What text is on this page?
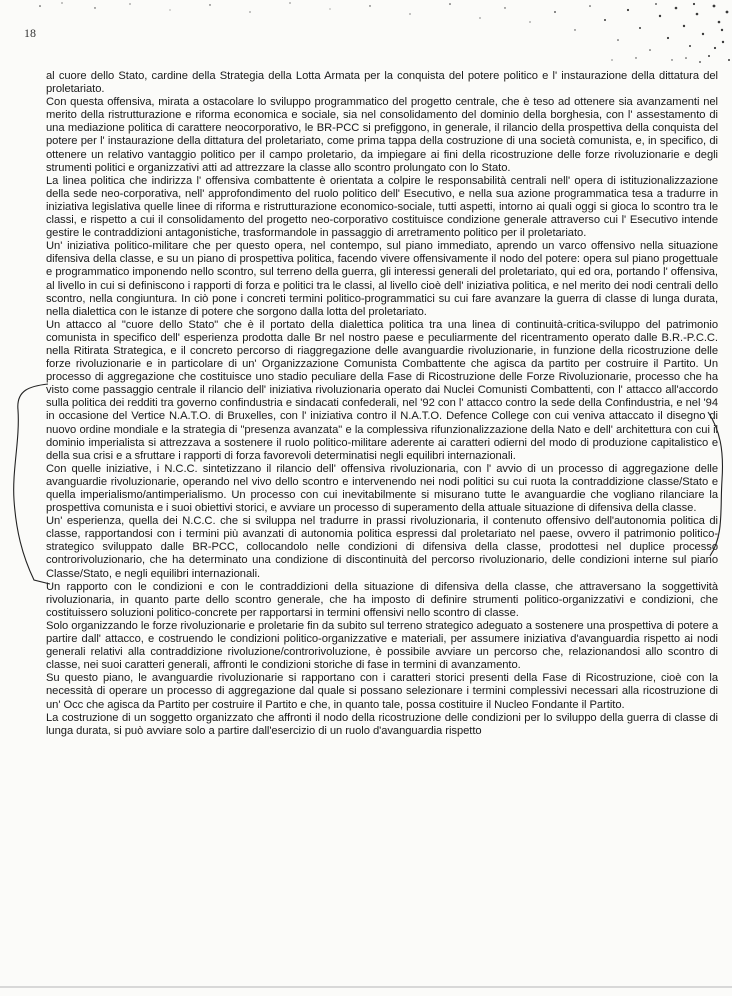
18

al cuore dello Stato, cardine della Strategia della Lotta Armata per la conquista del potere politico e l' instaurazione della dittatura del proletariato.

Con questa offensiva, mirata a ostacolare lo sviluppo programmatico del progetto centrale, che è teso ad ottenere sia avanzamenti nel merito della ristrutturazione e riforma economica e sociale, sia nel consolidamento del dominio della borghesia, con l' assestamento di una mediazione politica di carattere neocorporativo, le BR-PCC si prefiggono, in generale, il rilancio della prospettiva della conquista del potere per l' instaurazione della dittatura del proletariato, come prima tappa della costruzione di una società comunista, e, in specifico, di ottenere un relativo vantaggio politico per il campo proletario, da impiegare ai fini della ricostruzione delle forze rivoluzionarie e degli strumenti politici e organizzativi atti ad attrezzare la classe allo scontro prolungato con lo Stato.

La linea politica che indirizza l' offensiva combattente è orientata a colpire le responsabilità centrali nell' opera di istituzionalizzazione della sede neo-corporativa, nell' approfondimento del ruolo politico dell' Esecutivo, e nella sua azione programmatica tesa a tradurre in iniziativa legislativa quelle linee di riforma e ristrutturazione economico-sociale, tutti aspetti, intorno ai quali oggi si gioca lo scontro tra le classi, e rispetto a cui il consolidamento del progetto neo-corporativo costituisce condizione generale attraverso cui l' Esecutivo intende gestire le contraddizioni antagonistiche, trasformandole in passaggio di arretramento politico per il proletariato.

Un' iniziativa politico-militare che per questo opera, nel contempo, sul piano immediato, aprendo un varco offensivo nella situazione difensiva della classe, e su un piano di prospettiva politica, facendo vivere offensivamente il nodo del potere: opera sul piano progettuale e programmatico imponendo nello scontro, sul terreno della guerra, gli interessi generali del proletariato, qui ed ora, portando l' offensiva, al livello in cui si definiscono i rapporti di forza e politici tra le classi, al livello cioè dell' iniziativa politica, e nel merito dei nodi centrali dello scontro, nella congiuntura. In ciò pone i concreti termini politico-programmatici su cui fare avanzare la guerra di classe di lunga durata, nella dialettica con le istanze di potere che sorgono dalla lotta del proletariato.

Un attacco al "cuore dello Stato" che è il portato della dialettica politica tra una linea di continuità-critica-sviluppo del patrimonio comunista in specifico dell' esperienza prodotta dalle Br nel nostro paese e peculiarmente del ricentramento operato dalle B.R.-P.C.C. nella Ritirata Strategica, e il concreto percorso di riaggregazione delle avanguardie rivoluzionarie, in funzione della ricostruzione delle forze rivoluzionarie e in particolare di un' Organizzazione Comunista Combattente che agisca da partito per costruire il Partito. Un processo di aggregazione che costituisce uno stadio peculiare della Fase di Ricostruzione delle Forze Rivoluzionarie, processo che ha visto come passaggio centrale il rilancio dell' iniziativa rivoluzionaria operato dai Nuclei Comunisti Combattenti, con l' attacco all'accordo sulla politica dei redditi tra governo confindustria e sindacati confederali, nel '92 con l' attacco contro la sede della Confindustria, e nel '94 in occasione del Vertice N.A.T.O. di Bruxelles, con l' iniziativa contro il N.A.T.O. Defence College con cui veniva attaccato il disegno di nuovo ordine mondiale e la strategia di "presenza avanzata" e la complessiva rifunzionalizzazione della Nato e dell' architettura con cui il dominio imperialista si attrezzava a sostenere il ruolo politico-militare aderente ai caratteri odierni del modo di produzione capitalistico e della sua crisi e a sfruttare i rapporti di forza favorevoli determinatisi negli equilibri internazionali.

Con quelle iniziative, i N.C.C. sintetizzano il rilancio dell' offensiva rivoluzionaria, con l' avvio di un processo di aggregazione delle avanguardie rivoluzionarie, operando nel vivo dello scontro e intervenendo nei nodi politici su cui ruota la contraddizione classe/Stato e quella imperialismo/antimperialismo. Un processo con cui inevitabilmente si misurano tutte le avanguardie che vogliano rilanciare la prospettiva comunista e i suoi obiettivi storici, e avviare un processo di superamento della attuale situazione di difensiva della classe.

Un' esperienza, quella dei N.C.C. che si sviluppa nel tradurre in prassi rivoluzionaria, il contenuto offensivo dell'autonomia politica di classe, rapportandosi con i termini più avanzati di autonomia politica espressi dal proletariato nel paese, ovvero il patrimonio politico-strategico sviluppato dalle BR-PCC, collocandolo nelle condizioni di difensiva della classe, prodottesi nel duplice processo controrivoluzionario, che ha determinato una condizione di discontinuità del percorso rivoluzionario, delle condizioni interne sul piano Classe/Stato, e negli equilibri internazionali.

Un rapporto con le condizioni e con le contraddizioni della situazione di difensiva della classe, che attraversano la soggettività rivoluzionaria, in quanto parte dello scontro generale, che ha imposto di definire strumenti politico-organizzativi e condizioni, che costituissero soluzioni politico-concrete per rapportarsi in termini offensivi nello scontro di classe.

Solo organizzando le forze rivoluzionarie e proletarie fin da subito sul terreno strategico adeguato a sostenere una prospettiva di potere a partire dall' attacco, e costruendo le condizioni politico-organizzative e materiali, per assumere iniziativa d'avanguardia rispetto ai nodi generali relativi alla contraddizione rivoluzione/controrivoluzione, è possibile avviare un percorso che, relazionandosi allo scontro di classe, nei suoi caratteri generali, affronti le condizioni storiche di fase in termini di avanzamento.

Su questo piano, le avanguardie rivoluzionarie si rapportano con i caratteri storici presenti della Fase di Ricostruzione, cioè con la necessità di operare un processo di aggregazione dal quale si possano selezionare i termini complessivi necessari alla ricostruzione di un' Occ che agisca da Partito per costruire il Partito e che, in quanto tale, possa costituire il Nucleo Fondante il Partito.

La costruzione di un soggetto organizzato che affronti il nodo della ricostruzione delle condizioni per lo sviluppo della guerra di classe di lunga durata, si può avviare solo a partire dall'esercizio di un ruolo d'avanguardia rispetto
